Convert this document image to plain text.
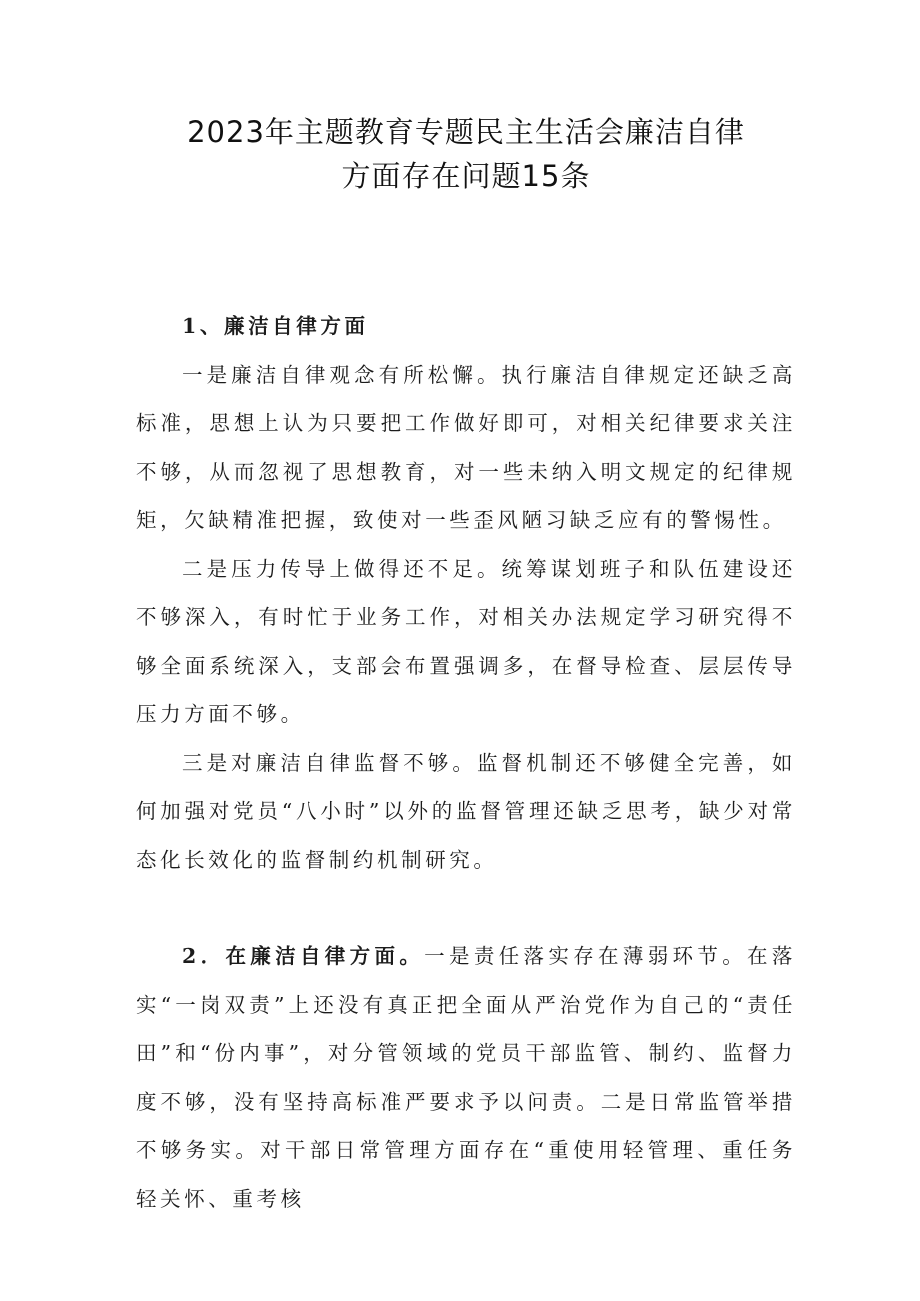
2023年主题教育专题民主生活会廉洁自律
方面存在问题15条
1、廉洁自律方面

一是廉洁自律观念有所松懈。执行廉洁自律规定还缺乏高标准，思想上认为只要把工作做好即可，对相关纪律要求关注不够，从而忽视了思想教育，对一些未纳入明文规定的纪律规矩，欠缺精准把握，致使对一些歪风陋习缺乏应有的警惕性。

二是压力传导上做得还不足。统筹谋划班子和队伍建设还不够深入，有时忙于业务工作，对相关办法规定学习研究得不够全面系统深入，支部会布置强调多，在督导检查、层层传导压力方面不够。

三是对廉洁自律监督不够。监督机制还不够健全完善，如何加强对党员“八小时”以外的监督管理还缺乏思考，缺少对常态化长效化的监督制约机制研究。

2．在廉洁自律方面。一是责任落实存在薄弱环节。在落实“一岗双责”上还没有真正把全面从严治党作为自己的“责任田”和“份内事”，对分管领域的党员干部监管、制约、监督力度不够，没有坚持高标准严要求予以问责。二是日常监管举措不够务实。对干部日常管理方面存在“重使用轻管理、重任务轻关怀、重考核
